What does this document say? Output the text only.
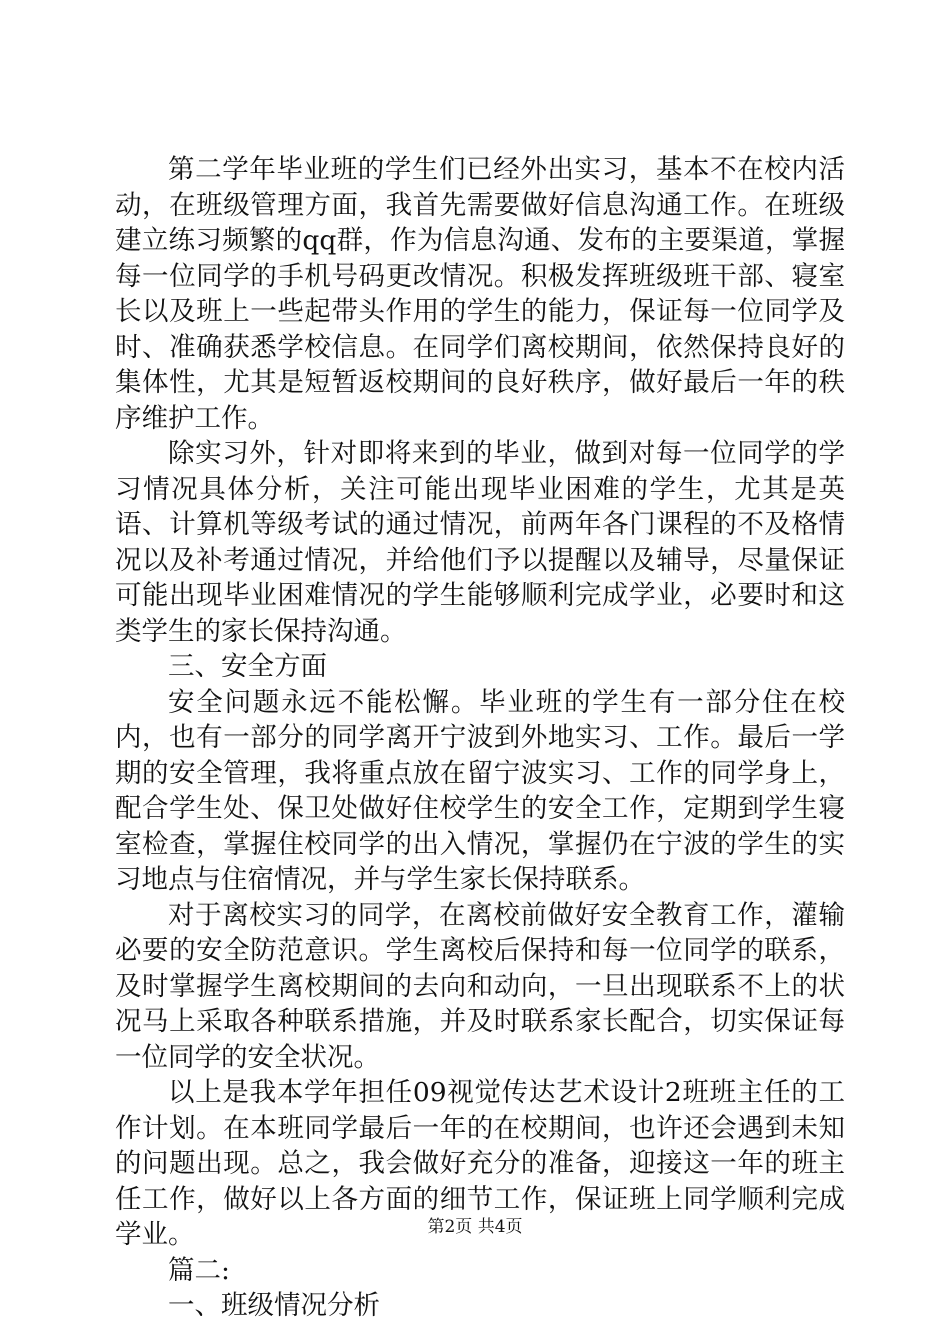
第二学年毕业班的学生们已经外出实习，基本不在校内活动，在班级管理方面，我首先需要做好信息沟通工作。在班级建立练习频繁的qq群，作为信息沟通、发布的主要渠道，掌握每一位同学的手机号码更改情况。积极发挥班级班干部、寝室长以及班上一些起带头作用的学生的能力，保证每一位同学及时、准确获悉学校信息。在同学们离校期间，依然保持良好的集体性，尤其是短暂返校期间的良好秩序，做好最后一年的秩序维护工作。

除实习外，针对即将来到的毕业，做到对每一位同学的学习情况具体分析，关注可能出现毕业困难的学生，尤其是英语、计算机等级考试的通过情况，前两年各门课程的不及格情况以及补考通过情况，并给他们予以提醒以及辅导，尽量保证可能出现毕业困难情况的学生能够顺利完成学业，必要时和这类学生的家长保持沟通。

三、安全方面

安全问题永远不能松懈。毕业班的学生有一部分住在校内，也有一部分的同学离开宁波到外地实习、工作。最后一学期的安全管理，我将重点放在留宁波实习、工作的同学身上，配合学生处、保卫处做好住校学生的安全工作，定期到学生寝室检查，掌握住校同学的出入情况，掌握仍在宁波的学生的实习地点与住宿情况，并与学生家长保持联系。

对于离校实习的同学，在离校前做好安全教育工作，灌输必要的安全防范意识。学生离校后保持和每一位同学的联系，及时掌握学生离校期间的去向和动向，一旦出现联系不上的状况马上采取各种联系措施，并及时联系家长配合，切实保证每一位同学的安全状况。

以上是我本学年担任09视觉传达艺术设计2班班主任的工作计划。在本班同学最后一年的在校期间，也许还会遇到未知的问题出现。总之，我会做好充分的准备，迎接这一年的班主任工作，做好以上各方面的细节工作，保证班上同学顺利完成学业。

篇二:

一、班级情况分析

第2页 共4页
